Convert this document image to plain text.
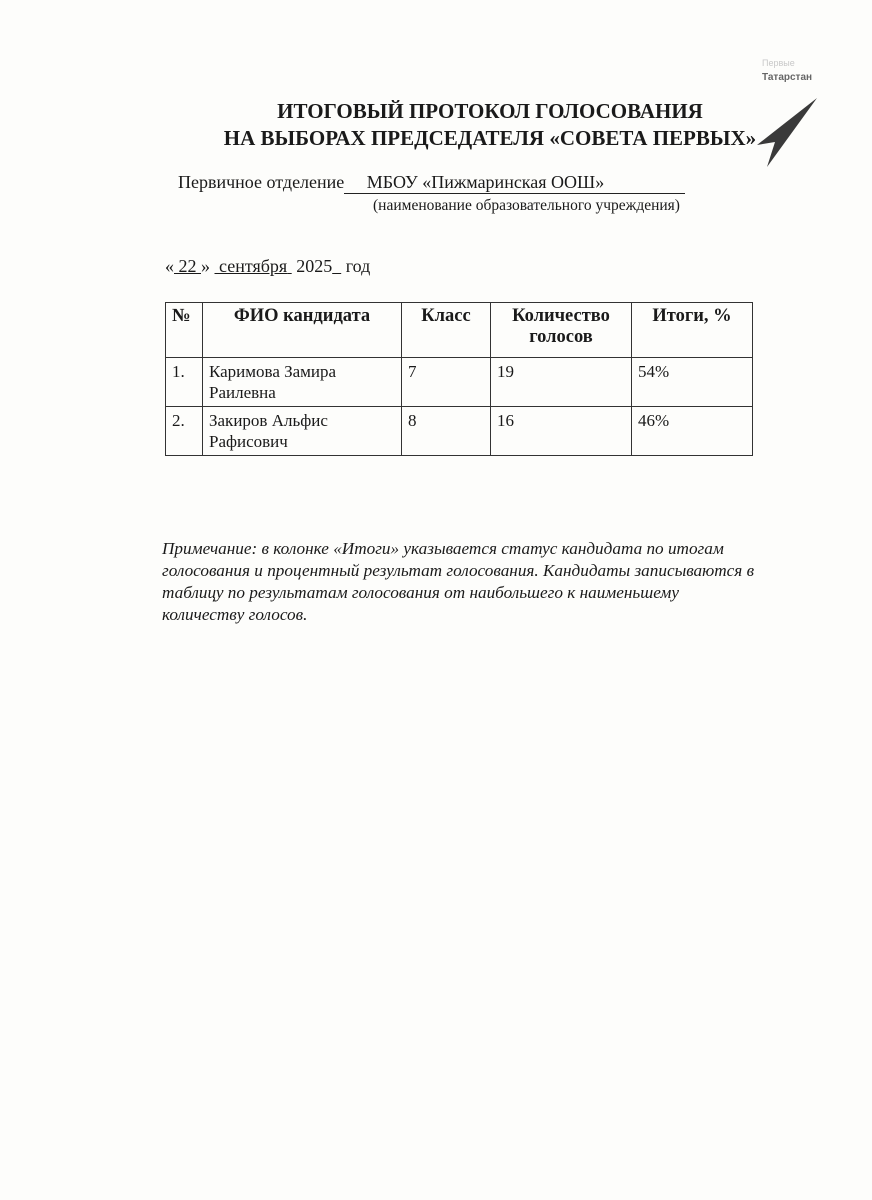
Первые
Татарстан
ИТОГОВЫЙ ПРОТОКОЛ ГОЛОСОВАНИЯ
НА ВЫБОРАХ ПРЕДСЕДАТЕЛЯ «СОВЕТА ПЕРВЫХ»
Первичное отделение МБОУ «Пижмаринская ООШ»
(наименование образовательного учреждения)
« 22 »  сентября 2025 год
№	ФИО кандидата	Класс	Количество голосов	Итоги, %
1.	Каримова Замира Раилевна	7	19	54%
2.	Закиров Альфис Рафисович	8	16	46%
Примечание: в колонке «Итоги» указывается статус кандидата по итогам голосования и процентный результат голосования. Кандидаты записываются в таблицу по результатам голосования от наибольшего к наименьшему количеству голосов.
